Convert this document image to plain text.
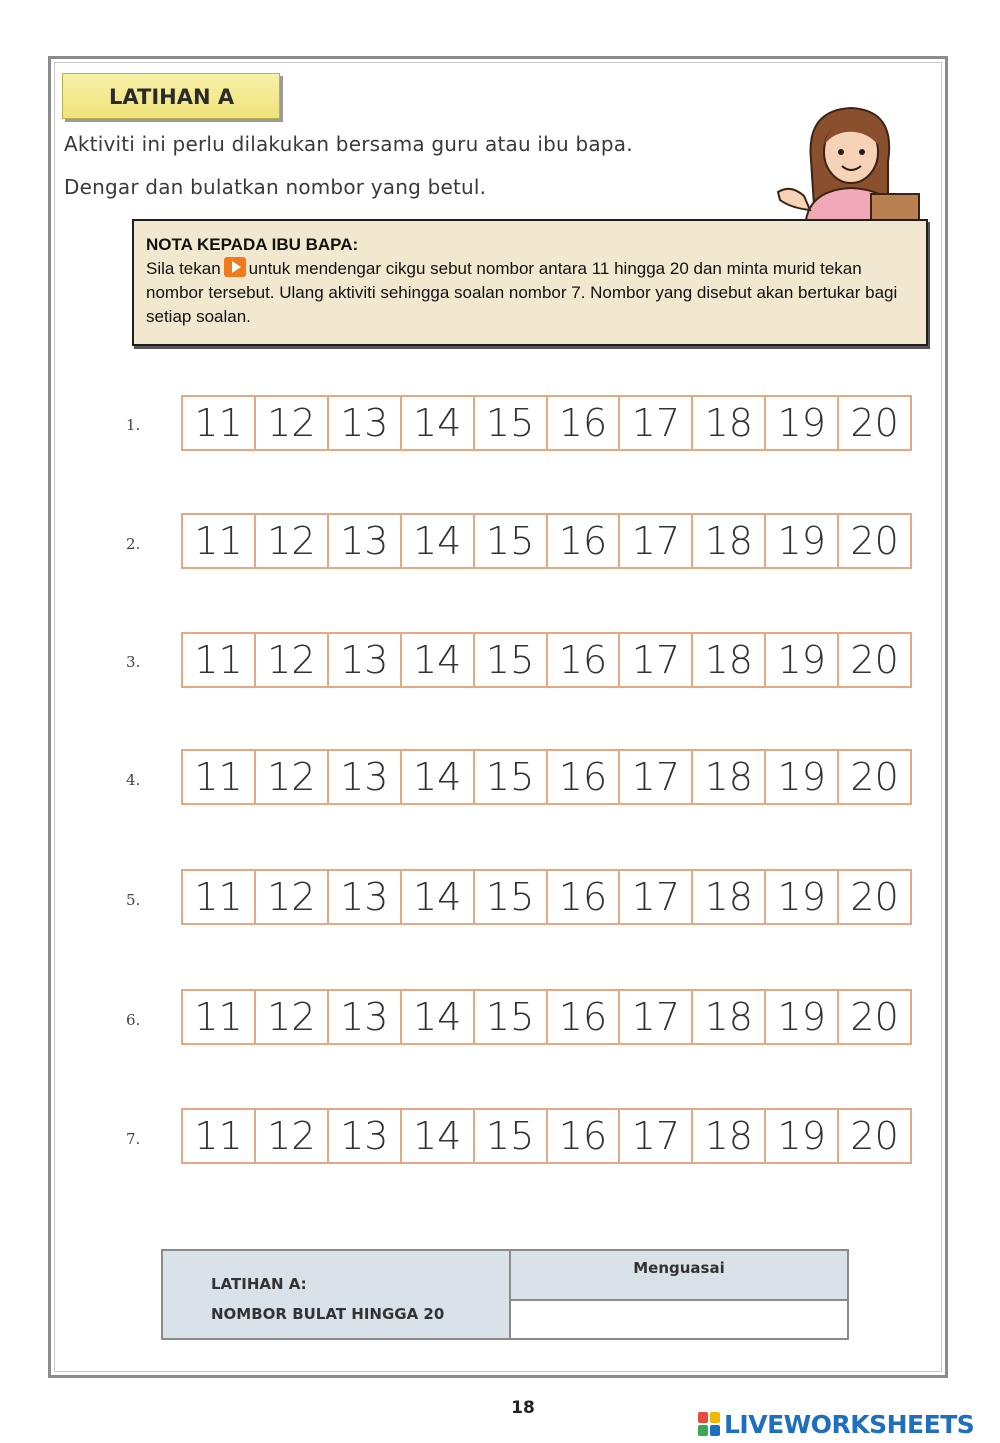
LATIHAN A
Aktiviti ini perlu dilakukan bersama guru atau ibu bapa.
Dengar dan bulatkan nombor yang betul.
NOTA KEPADA IBU BAPA:
Sila tekan untuk mendengar cikgu sebut nombor antara 11 hingga 20 dan minta murid tekan nombor tersebut. Ulang aktiviti sehingga soalan nombor 7. Nombor yang disebut akan bertukar bagi setiap soalan.
1. 11 12 13 14 15 16 17 18 19 20
2. 11 12 13 14 15 16 17 18 19 20
3. 11 12 13 14 15 16 17 18 19 20
4. 11 12 13 14 15 16 17 18 19 20
5. 11 12 13 14 15 16 17 18 19 20
6. 11 12 13 14 15 16 17 18 19 20
7. 11 12 13 14 15 16 17 18 19 20
LATIHAN A:
NOMBOR BULAT HINGGA 20
Menguasai
18
LIVEWORKSHEETS
